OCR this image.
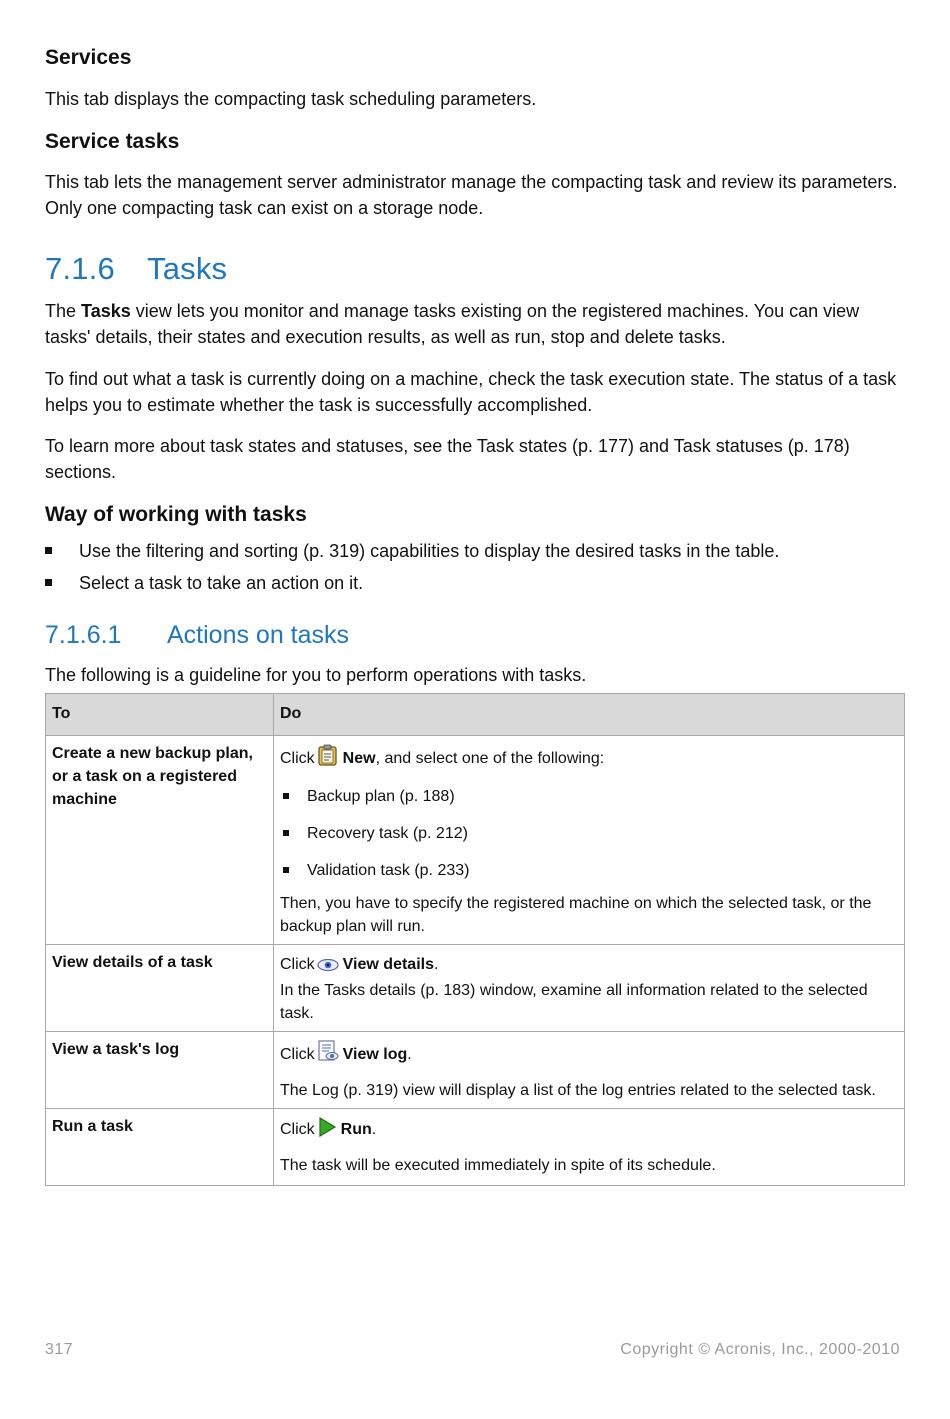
Services

This tab displays the compacting task scheduling parameters.

Service tasks

This tab lets the management server administrator manage the compacting task and review its parameters. Only one compacting task can exist on a storage node.

7.1.6 Tasks

The Tasks view lets you monitor and manage tasks existing on the registered machines. You can view tasks' details, their states and execution results, as well as run, stop and delete tasks.

To find out what a task is currently doing on a machine, check the task execution state. The status of a task helps you to estimate whether the task is successfully accomplished.

To learn more about task states and statuses, see the Task states (p. 177) and Task statuses (p. 178) sections.

Way of working with tasks
Use the filtering and sorting (p. 319) capabilities to display the desired tasks in the table.
Select a task to take an action on it.
7.1.6.1 Actions on tasks

The following is a guideline for you to perform operations with tasks.

To	Do
Create a new backup plan, or a task on a registered machine	Click New, and select one of the following:
Backup plan (p. 188)
Recovery task (p. 212)
Validation task (p. 233)
Then, you have to specify the registered machine on which the selected task, or the backup plan will run.

View details of a task	Click View details.
In the Tasks details (p. 183) window, examine all information related to the selected task.

View a task's log	Click View log.
The Log (p. 319) view will display a list of the log entries related to the selected task.

Run a task	Click Run.
The task will be executed immediately in spite of its schedule.
317	Copyright © Acronis, Inc., 2000-2010
